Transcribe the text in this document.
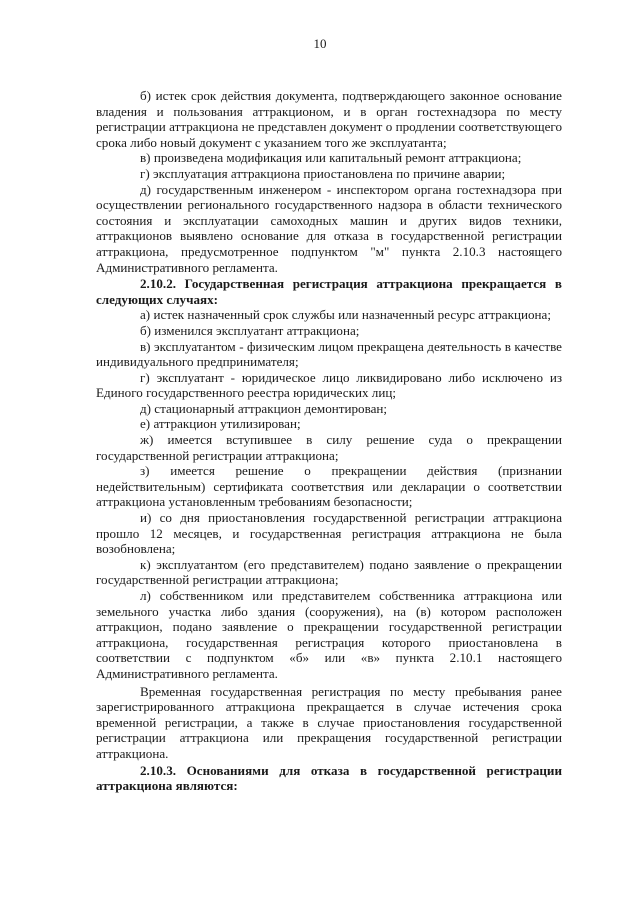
10

б) истек срок действия документа, подтверждающего законное основание владения и пользования аттракционом, и в орган гостехнадзора по месту регистрации аттракциона не представлен документ о продлении соответствующего срока либо новый документ с указанием того же эксплуатанта;

в) произведена модификация или капитальный ремонт аттракциона;

г) эксплуатация аттракциона приостановлена по причине аварии;

д) государственным инженером - инспектором органа гостехнадзора при осуществлении регионального государственного надзора в области технического состояния и эксплуатации самоходных машин и других видов техники, аттракционов выявлено основание для отказа в государственной регистрации аттракциона, предусмотренное подпунктом "м" пункта 2.10.3 настоящего Административного регламента.

2.10.2. Государственная регистрация аттракциона прекращается в следующих случаях:

а) истек назначенный срок службы или назначенный ресурс аттракциона;

б) изменился эксплуатант аттракциона;

в) эксплуатантом - физическим лицом прекращена деятельность в качестве индивидуального предпринимателя;

г) эксплуатант - юридическое лицо ликвидировано либо исключено из Единого государственного реестра юридических лиц;

д) стационарный аттракцион демонтирован;

е) аттракцион утилизирован;

ж) имеется вступившее в силу решение суда о прекращении государственной регистрации аттракциона;

з) имеется решение о прекращении действия (признании недействительным) сертификата соответствия или декларации о соответствии аттракциона установленным требованиям безопасности;

и) со дня приостановления государственной регистрации аттракциона прошло 12 месяцев, и государственная регистрация аттракциона не была возобновлена;

к) эксплуатантом (его представителем) подано заявление о прекращении государственной регистрации аттракциона;

л) собственником или представителем собственника аттракциона или земельного участка либо здания (сооружения), на (в) котором расположен аттракцион, подано заявление о прекращении государственной регистрации аттракциона, государственная регистрация которого приостановлена в соответствии с подпунктом «б» или «в» пункта 2.10.1 настоящего Административного регламента.

Временная государственная регистрация по месту пребывания ранее зарегистрированного аттракциона прекращается в случае истечения срока временной регистрации, а также в случае приостановления государственной регистрации аттракциона или прекращения государственной регистрации аттракциона.

2.10.3. Основаниями для отказа в государственной регистрации аттракциона являются:
